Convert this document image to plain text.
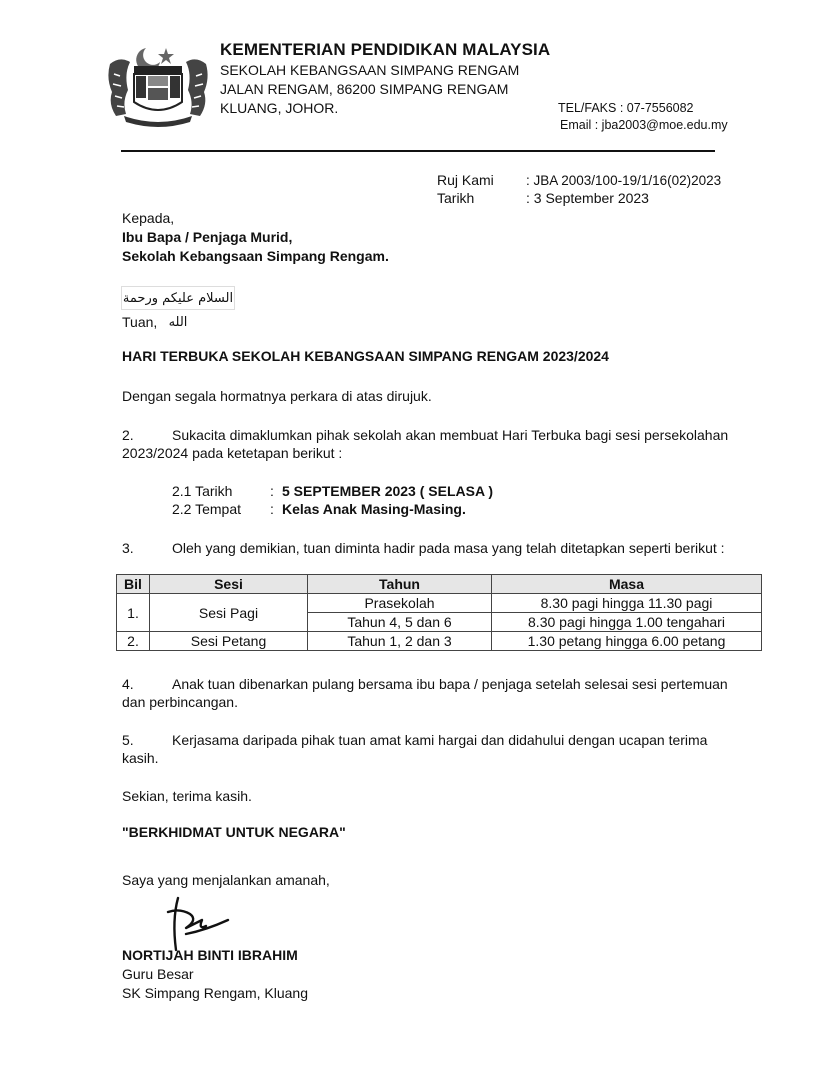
KEMENTERIAN PENDIDIKAN MALAYSIA
SEKOLAH KEBANGSAAN SIMPANG RENGAM
JALAN RENGAM, 86200 SIMPANG RENGAM
KLUANG, JOHOR.	TEL/FAKS : 07-7556082
Email : jba2003@moe.edu.my
Ruj Kami : JBA 2003/100-19/1/16(02)2023
Tarikh	: 3 September 2023
Kepada,
Ibu Bapa / Penjaga Murid,
Sekolah Kebangsaan Simpang Rengam.
السلام عليكم ورحمة الله
Tuan,
HARI TERBUKA SEKOLAH KEBANGSAAN SIMPANG RENGAM 2023/2024
Dengan segala hormatnya perkara di atas dirujuk.
2.	Sukacita dimaklumkan pihak sekolah akan membuat Hari Terbuka bagi sesi persekolahan
2023/2024 pada ketetapan berikut :
2.1 Tarikh	: 5 SEPTEMBER 2023 ( SELASA )
2.2 Tempat : Kelas Anak Masing-Masing.
3.	Oleh yang demikian, tuan diminta hadir pada masa yang telah ditetapkan seperti berikut :
Bil	Sesi	Tahun	Masa
1.	Sesi Pagi	Prasekolah	8.30 pagi hingga 11.30 pagi
		Tahun 4, 5 dan 6	8.30 pagi hingga 1.00 tengahari
2.	Sesi Petang	Tahun 1, 2 dan 3	1.30 petang hingga 6.00 petang
4.	Anak tuan dibenarkan pulang bersama ibu bapa / penjaga setelah selesai sesi pertemuan
dan perbincangan.
5.	Kerjasama daripada pihak tuan amat kami hargai dan didahului dengan ucapan terima
kasih.
Sekian, terima kasih.
"BERKHIDMAT UNTUK NEGARA"
Saya yang menjalankan amanah,
NORTIJAH BINTI IBRAHIM
Guru Besar
SK Simpang Rengam, Kluang
